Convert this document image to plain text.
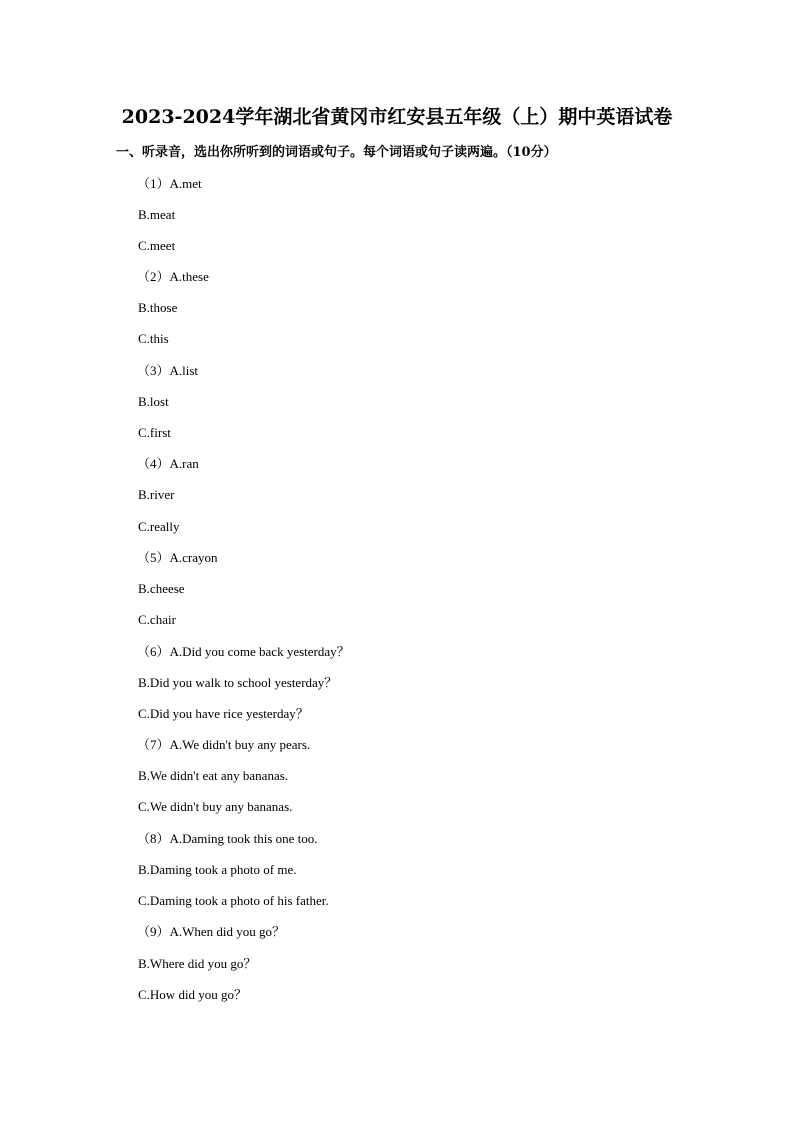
2023-2024学年湖北省黄冈市红安县五年级（上）期中英语试卷
一、听录音，选出你所听到的词语或句子。每个词语或句子读两遍。（10分）
（1）A.met
B.meat
C.meet
（2）A.these
B.those
C.this
（3）A.list
B.lost
C.first
（4）A.ran
B.river
C.really
（5）A.crayon
B.cheese
C.chair
（6）A.Did you come back yesterday？
B.Did you walk to school yesterday？
C.Did you have rice yesterday？
（7）A.We didn't buy any pears.
B.We didn't eat any bananas.
C.We didn't buy any bananas.
（8）A.Daming took this one too.
B.Daming took a photo of me.
C.Daming took a photo of his father.
（9）A.When did you go？
B.Where did you go？
C.How did you go？
